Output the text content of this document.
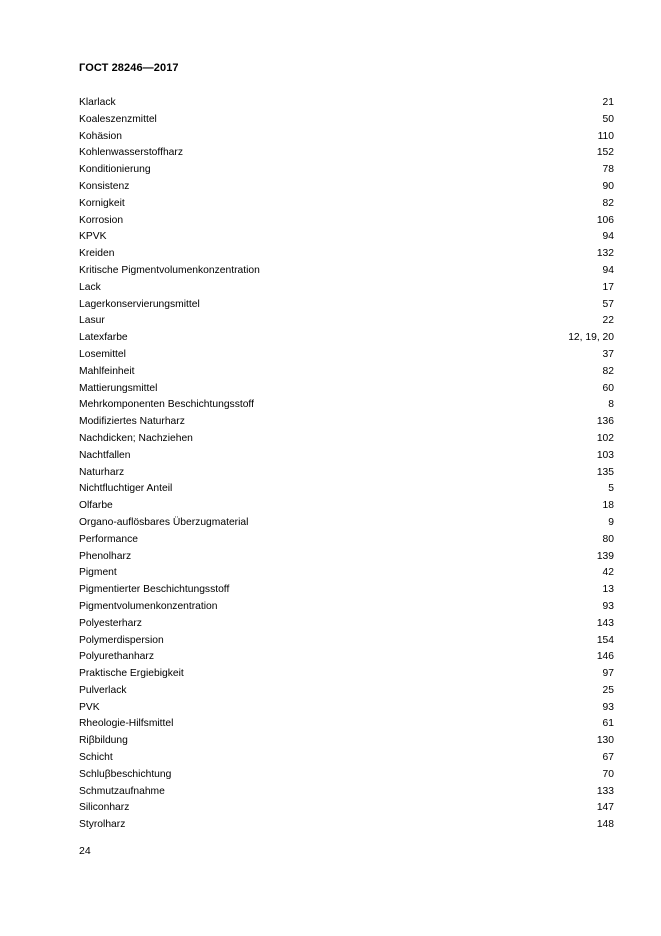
ГОСТ 28246—2017
Klarlack	21
Koaleszenzmittel	50
Kohäsion	110
Kohlenwasserstoffharz	152
Konditionierung	78
Konsistenz	90
Kornigkeit	82
Korrosion	106
KPVK	94
Kreiden	132
Kritische Pigmentvolumenkonzentration	94
Lack	17
Lagerkonservierungsmittel	57
Lasur	22
Latexfarbe	12, 19, 20
Losemittel	37
Mahlfeinheit	82
Mattierungsmittel	60
Mehrkomponenten Beschichtungsstoff	8
Modifiziertes Naturharz	136
Nachdicken; Nachziehen	102
Nachtfallen	103
Naturharz	135
Nichtfluchtiger Anteil	5
Olfarbe	18
Organo-auflösbares Überzugmaterial	9
Performance	80
Phenolharz	139
Pigment	42
Pigmentierter Beschichtungsstoff	13
Pigmentvolumenkonzentration	93
Polyesterharz	143
Polymerdispersion	154
Polyurethanharz	146
Praktische Ergiebigkeit	97
Pulverlack	25
PVK	93
Rheologie-Hilfsmittel	61
Riβbildung	130
Schicht	67
Schluβbeschichtung	70
Schmutzaufnahme	133
Siliconharz	147
Styrolharz	148
24
